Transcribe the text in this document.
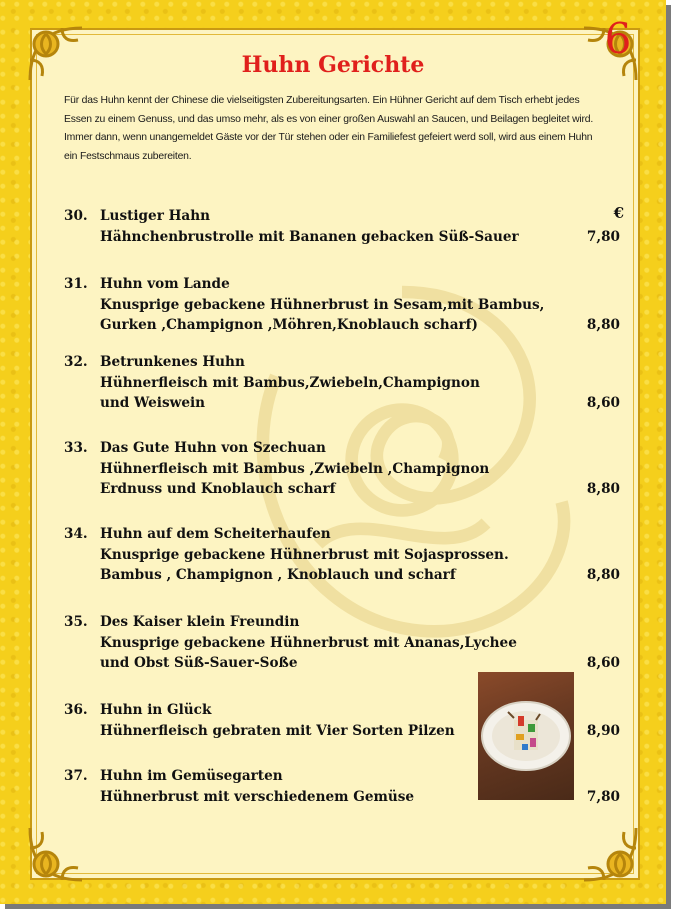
6
Huhn Gerichte
Für das Huhn kennt der Chinese die vielseitigsten Zubereitungsarten. Ein Hühner Gericht auf dem Tisch erhebt jedes Essen zu einem Genuss, und das umso mehr, als es von einer großen Auswahl an Saucen, und Beilagen begleitet wird. Immer dann, wenn unangemeldet Gäste vor der Tür stehen oder ein Familiefest gefeiert werd soll, wird aus einem Huhn ein Festschmaus zubereiten.
€
30. Lustiger Hahn
Hähnchenbrustrolle mit Bananen gebacken Süß-Sauer	7,80
31. Huhn vom Lande
Knusprige gebackene Hühnerbrust in Sesam,mit Bambus,
Gurken ,Champignon ,Möhren,Knoblauch scharf)	8,80
32. Betrunkenes Huhn
Hühnerfleisch mit Bambus,Zwiebeln,Champignon
und Weiswein	8,60
33. Das Gute Huhn von Szechuan
Hühnerfleisch mit Bambus ,Zwiebeln ,Champignon
Erdnuss und Knoblauch scharf	8,80
34. Huhn auf dem Scheiterhaufen
Knusprige gebackene Hühnerbrust mit Sojasprossen.
Bambus , Champignon , Knoblauch und scharf	8,80
35. Des Kaiser klein Freundin
Knusprige gebackene Hühnerbrust mit Ananas,Lychee
und Obst Süß-Sauer-Soße	8,60
36. Huhn in Glück
Hühnerfleisch gebraten mit Vier Sorten Pilzen	8,90
37. Huhn im Gemüsegarten
Hühnerbrust mit verschiedenem Gemüse	7,80
